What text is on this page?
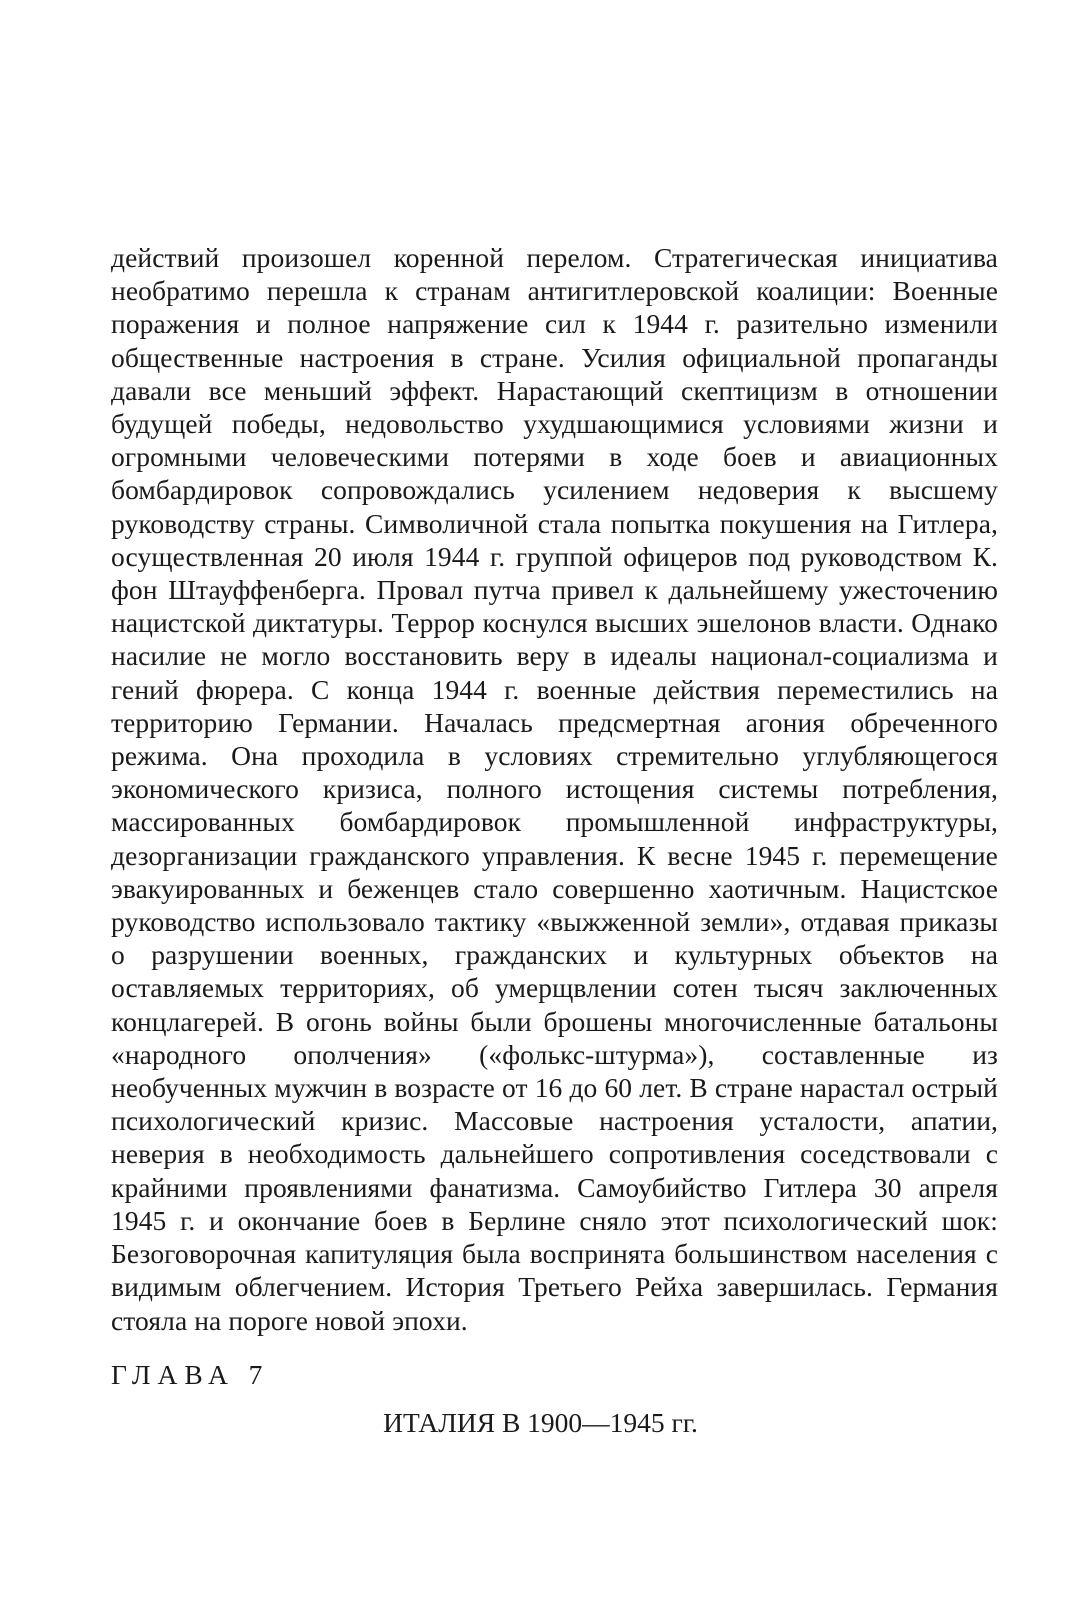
действий произошел коренной перелом. Стратегическая инициатива необратимо перешла к странам антигитлеровской коалиции: Военные поражения и полное напряжение сил к 1944 г. разительно изменили общественные настроения в стране. Усилия официальной пропаганды давали все меньший эффект. Нарастающий скептицизм в отношении будущей победы, недовольство ухудшающимися условиями жизни и огромными человеческими потерями в ходе боев и авиационных бомбардировок сопровождались усилением недоверия к высшему руководству страны. Символичной стала попытка покушения на Гитлера, осуществленная 20 июля 1944 г. группой офицеров под руководством К. фон Штауффенберга. Провал путча привел к дальнейшему ужесточению нацистской диктатуры. Террор коснулся высших эшелонов власти. Однако насилие не могло восстановить веру в идеалы национал-социализма и гений фюрера. С конца 1944 г. военные действия переместились на территорию Германии. Началась предсмертная агония обреченного режима. Она проходила в условиях стремительно углубляющегося экономического кризиса, полного истощения системы потребления, массированных бомбардировок промышленной инфраструктуры, дезорганизации гражданского управления. К весне 1945 г. перемещение эвакуированных и беженцев стало совершенно хаотичным. Нацистское руководство использовало тактику «выжженной земли», отдавая приказы о разрушении военных, гражданских и культурных объектов на оставляемых территориях, об умерщвлении сотен тысяч заключенных концлагерей. В огонь войны были брошены многочисленные батальоны «народного ополчения» («фолькс-штурма»), составленные из необученных мужчин в возрасте от 16 до 60 лет. В стране нарастал острый психологический кризис. Массовые настроения усталости, апатии, неверия в необходимость дальнейшего сопротивления соседствовали с крайними проявлениями фанатизма. Самоубийство Гитлера 30 апреля 1945 г. и окончание боев в Берлине сняло этот психологический шок: Безоговорочная капитуляция была воспринята большинством населения с видимым облегчением. История Третьего Рейха завершилась. Германия стояла на пороге новой эпохи.

ГЛАВА 7
ИТАЛИЯ В 1900—1945 гг.
